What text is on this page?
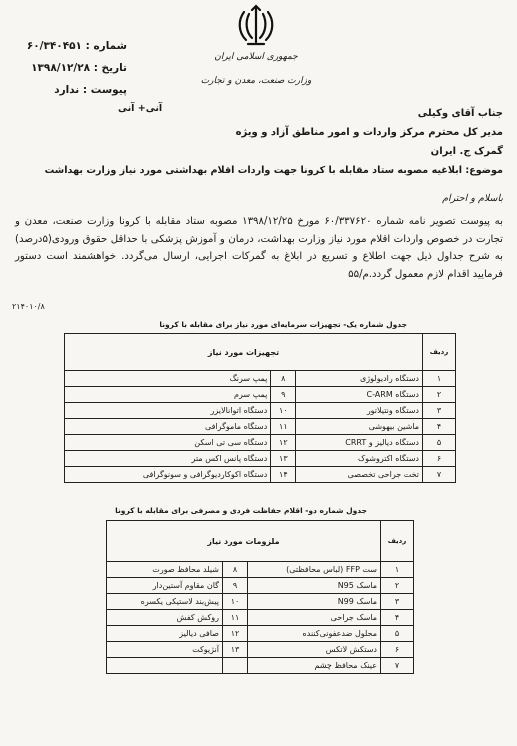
جمهوری اسلامی ایران
وزارت صنعت، معدن و تجارت
شماره : ۶۰/۳۴۰۴۵۱
تاریخ : ۱۳۹۸/۱۲/۲۸
پیوست : ندارد
آنی+ آنی	جناب آقای وکیلی
مدیر کل محترم مرکز واردات و امور مناطق آزاد و ویژه
گمرک ج. ایران
موضوع: ابلاغیه مصوبه ستاد مقابله با کرونا جهت واردات اقلام بهداشتی مورد نیاز وزارت بهداشت
باسلام و احترام
به پیوست تصویر نامه شماره ۶۰/۳۳۷۶۲۰ مورخ ۱۳۹۸/۱۲/۲۵ مصوبه ستاد مقابله با کرونا وزارت صنعت، معدن و تجارت در خصوص واردات اقلام مورد نیاز وزارت بهداشت، درمان و آموزش پزشکی با حداقل حقوق ورودی(۵درصد) به شرح جداول ذیل جهت اطلاع و تسریع در ابلاغ به گمرکات اجرایی، ارسال می‌گردد. خواهشمند است دستور فرمایید اقدام لازم معمول گردد.م/۵۵
۲۱۴۰۱۰/۸
جدول شماره یک- تجهیزات سرمایه‌ای مورد نیاز برای مقابله با کرونا
ردیف	تجهیزات مورد نیاز		
۱	دستگاه رادیولوژی	۸	پمپ سرنگ
۲	دستگاه C-ARM	۹	پمپ سرم
۳	دستگاه ونتیلاتور	۱۰	دستگاه اتوانالایزر
۴	ماشین بیهوشی	۱۱	دستگاه ماموگرافی
۵	دستگاه دیالیز و CRRT	۱۲	دستگاه سی تی اسکن
۶	دستگاه اکتروشوک	۱۳	دستگاه پانس اکس متر
۷	تخت جراحی تخصصی	۱۴	دستگاه اکوکاردیوگرافی و سونوگرافی
جدول شماره دو- اقلام حفاظت فردی و مصرفی برای مقابله با کرونا
ردیف	ملزومات مورد نیاز		
۱	ست FFP (لباس محافظتی)	۸	شیلد محافظ صورت
۲	ماسک N95	۹	گان مقاوم آستین‌دار
۳	ماسک N99	۱۰	پیش‌بند لاستیکی یکسره
۴	ماسک جراحی	۱۱	روکش کفش
۵	محلول ضدعفونی‌کننده	۱۲	صافی دیالیز
۶	دستکش لاتکس	۱۳	آنژیوکت
۷	عینک محافظ چشم		
